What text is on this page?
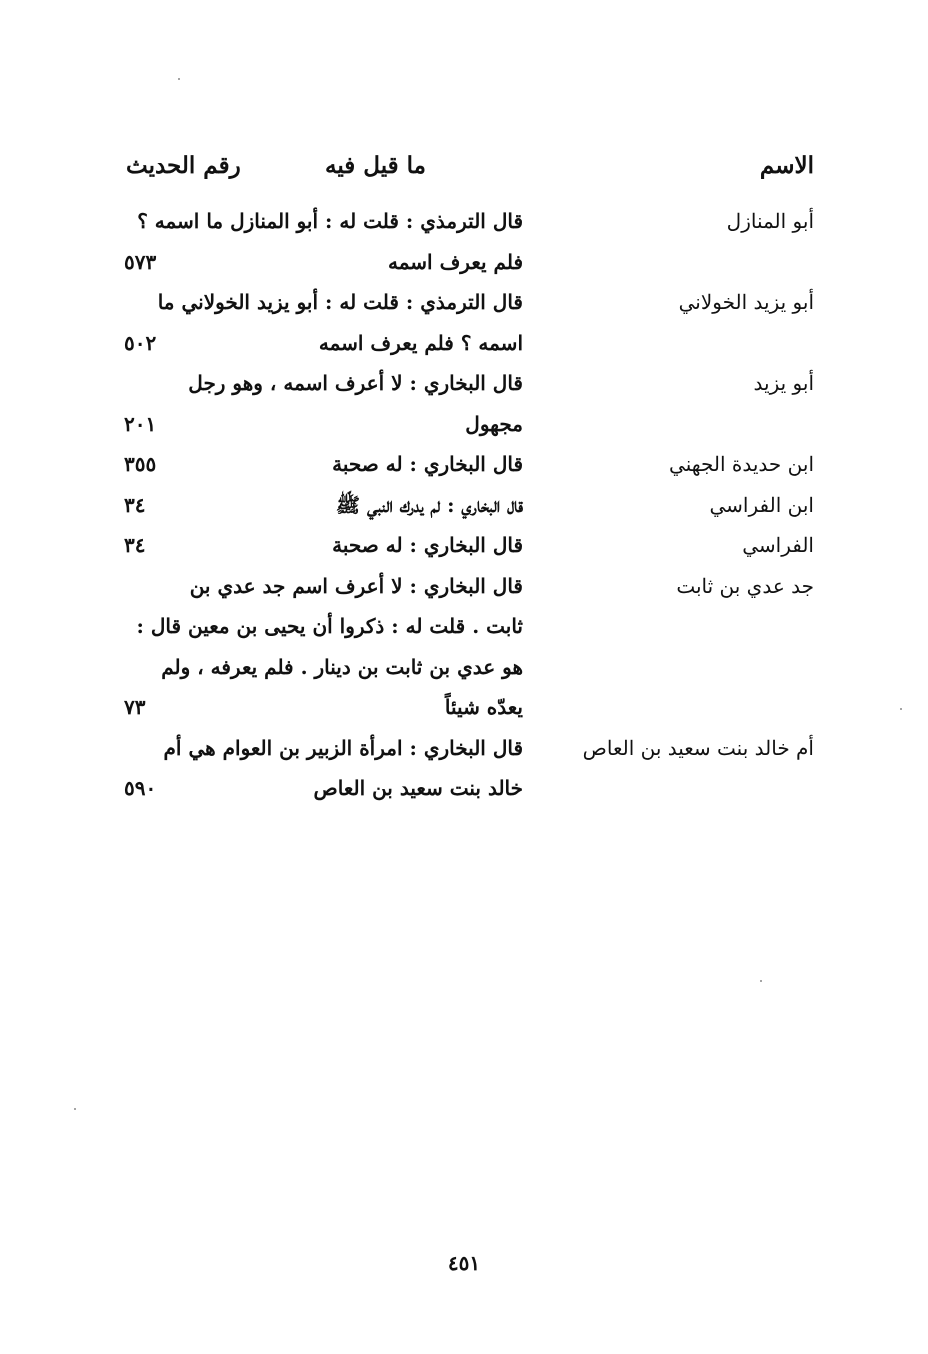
الاسم
ما قيل فيه
رقم الحديث
أبو المنازل
قال الترمذي : قلت له : أبو المنازل ما اسمه ؟
فلم يعرف اسمه
٥٧٣
أبو يزيد الخولاني
قال الترمذي : قلت له : أبو يزيد الخولاني ما
اسمه ؟ فلم يعرف اسمه
٥٠٢
أبو يزيد
قال البخاري : لا أعرف اسمه ، وهو رجل
مجهول
٢٠١
ابن حديدة الجهني
قال البخاري : له صحبة
٣٥٥
ابن الفراسي
قال البخاري : لم يدرك النبي ﷺ
٣٤
الفراسي
قال البخاري : له صحبة
٣٤
جد عدي بن ثابت
قال البخاري : لا أعرف اسم جد عدي بن
ثابت . قلت له : ذكروا أن يحيى بن معين قال :
هو عدي بن ثابت بن دينار . فلم يعرفه ، ولم
يعدّه شيئاً
٧٣
أم خالد بنت سعيد بن العاص
قال البخاري : امرأة الزبير بن العوام هي أم
خالد بنت سعيد بن العاص
٥٩٠
٤٥١
